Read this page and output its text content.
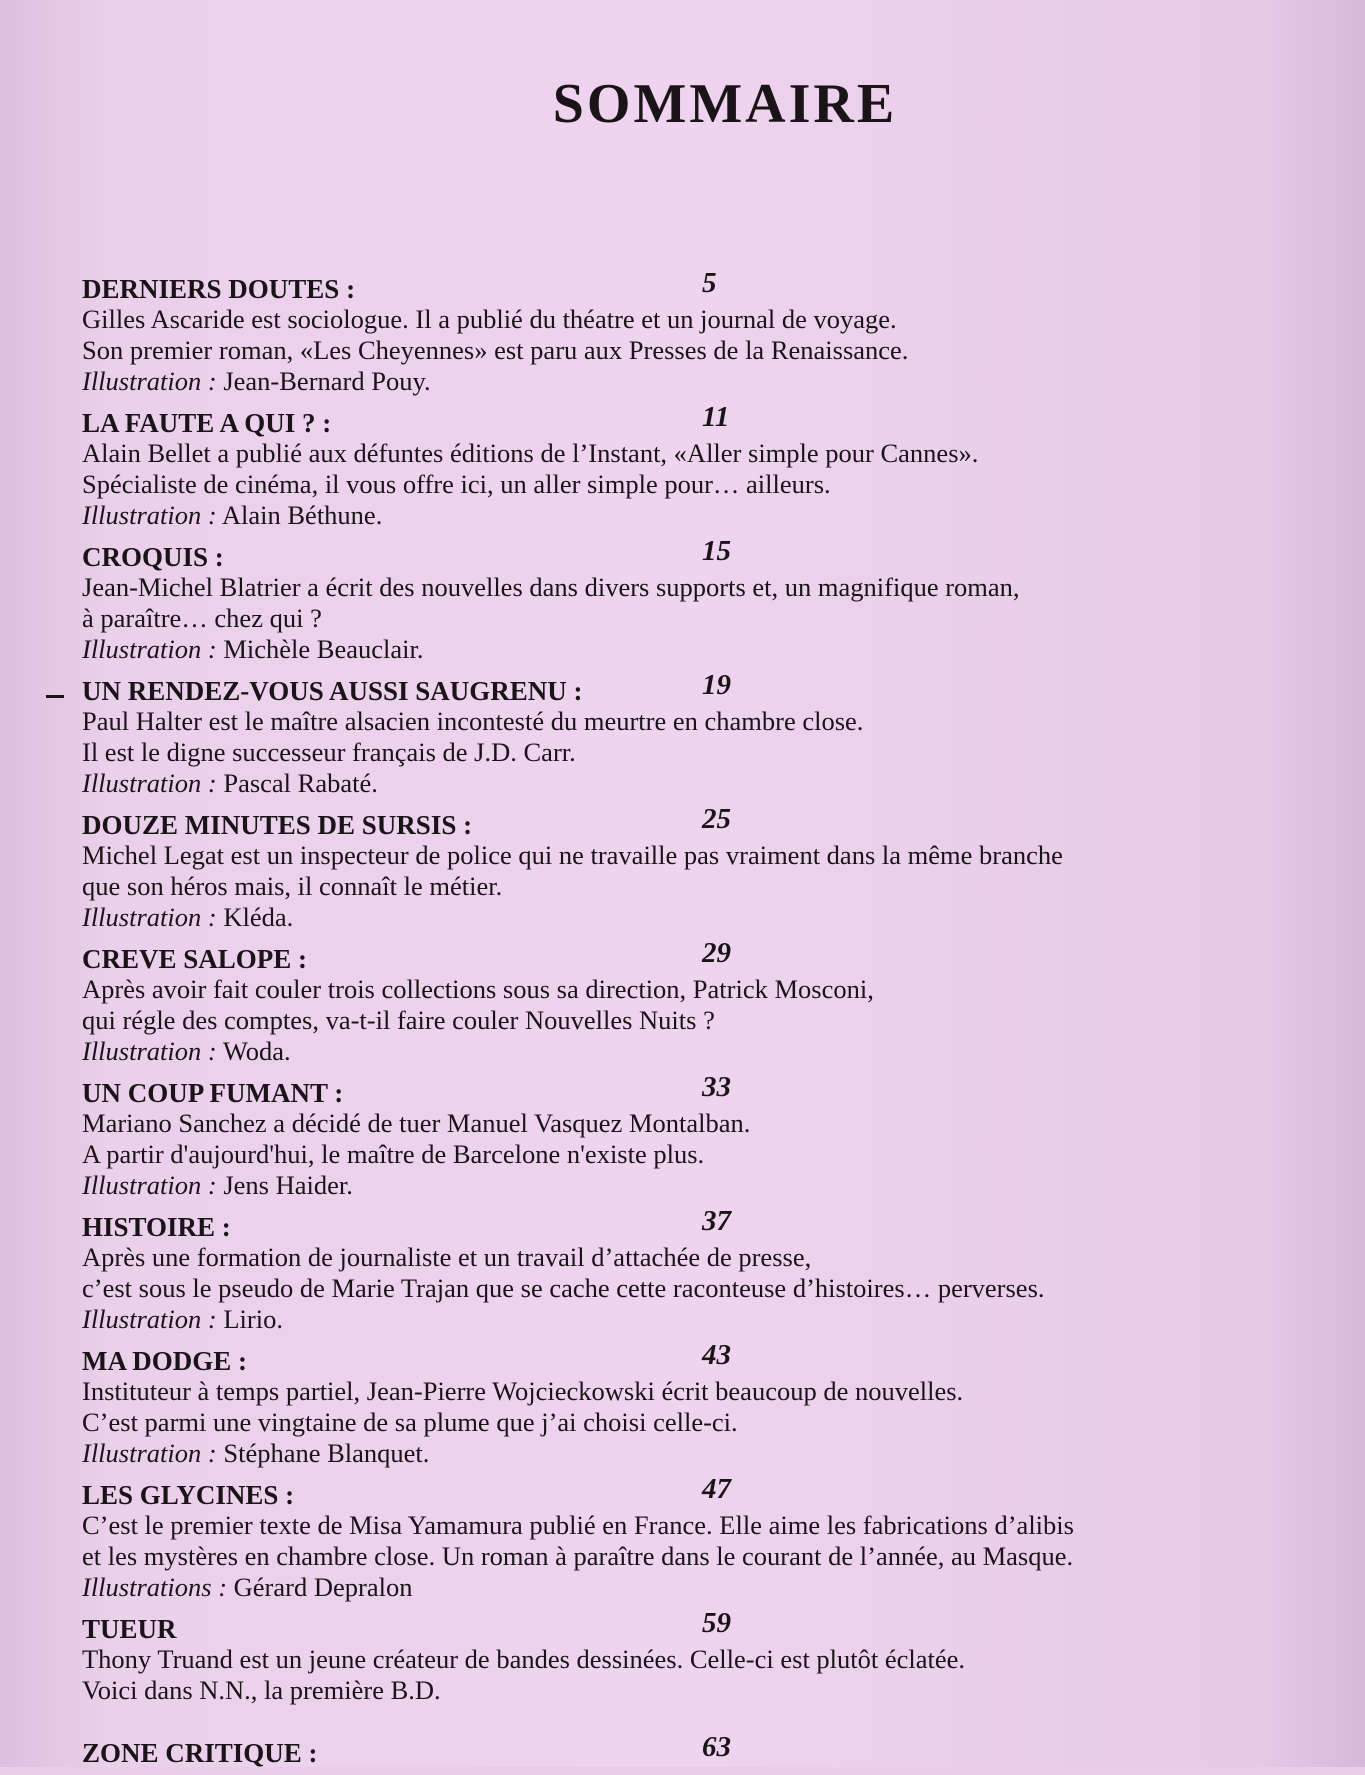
SOMMAIRE
DERNIERS DOUTES :	5
Gilles Ascaride est sociologue. Il a publié du théatre et un journal de voyage.
Son premier roman, «Les Cheyennes» est paru aux Presses de la Renaissance.
Illustration : Jean-Bernard Pouy.
LA FAUTE A QUI ? :	11
Alain Bellet a publié aux défuntes éditions de l’Instant, «Aller simple pour Cannes».
Spécialiste de cinéma, il vous offre ici, un aller simple pour… ailleurs.
Illustration : Alain Béthune.
CROQUIS :	15
Jean-Michel Blatrier a écrit des nouvelles dans divers supports et, un magnifique roman,
à paraître… chez qui ?
Illustration : Michèle Beauclair.
UN RENDEZ-VOUS AUSSI SAUGRENU :	19
Paul Halter est le maître alsacien incontesté du meurtre en chambre close.
Il est le digne successeur français de J.D. Carr.
Illustration : Pascal Rabaté.
DOUZE MINUTES DE SURSIS :	25
Michel Legat est un inspecteur de police qui ne travaille pas vraiment dans la même branche
que son héros mais, il connaît le métier.
Illustration : Kléda.
CREVE SALOPE :	29
Après avoir fait couler trois collections sous sa direction, Patrick Mosconi,
qui régle des comptes, va-t-il faire couler Nouvelles Nuits ?
Illustration : Woda.
UN COUP FUMANT :	33
Mariano Sanchez a décidé de tuer Manuel Vasquez Montalban.
A partir d'aujourd'hui, le maître de Barcelone n'existe plus.
Illustration : Jens Haider.
HISTOIRE :	37
Après une formation de journaliste et un travail d’attachée de presse,
c’est sous le pseudo de Marie Trajan que se cache cette raconteuse d’histoires… perverses.
Illustration : Lirio.
MA DODGE :	43
Instituteur à temps partiel, Jean-Pierre Wojcieckowski écrit beaucoup de nouvelles.
C’est parmi une vingtaine de sa plume que j’ai choisi celle-ci.
Illustration : Stéphane Blanquet.
LES GLYCINES :	47
C’est le premier texte de Misa Yamamura publié en France. Elle aime les fabrications d’alibis
et les mystères en chambre close. Un roman à paraître dans le courant de l’année, au Masque.
Illustrations : Gérard Depralon
TUEUR	59
Thony Truand est un jeune créateur de bandes dessinées. Celle-ci est plutôt éclatée.
Voici dans N.N., la première B.D.
ZONE CRITIQUE :	63
